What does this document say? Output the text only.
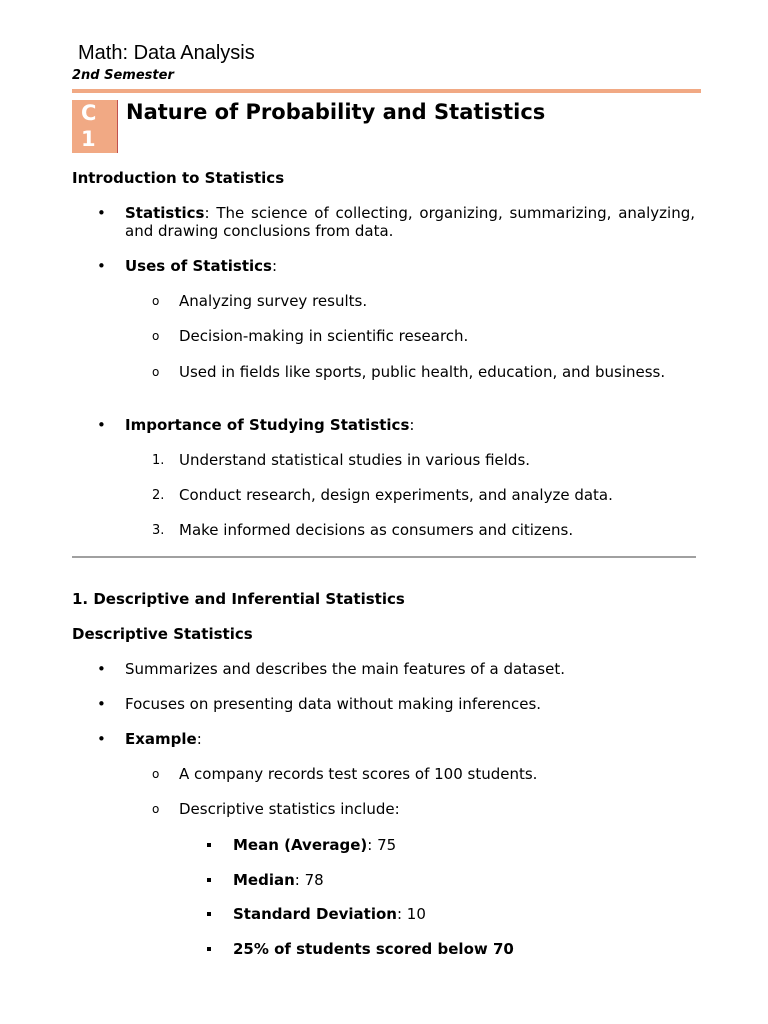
Math: Data Analysis
2nd Semester
C
1
Nature of Probability and Statistics
Introduction to Statistics
• Statistics: The science of collecting, organizing, summarizing, analyzing, and drawing conclusions from data.
• Uses of Statistics:
o Analyzing survey results.
o Decision-making in scientific research.
o Used in fields like sports, public health, education, and business.
• Importance of Studying Statistics:
1. Understand statistical studies in various fields.
2. Conduct research, design experiments, and analyze data.
3. Make informed decisions as consumers and citizens.
1. Descriptive and Inferential Statistics
Descriptive Statistics
• Summarizes and describes the main features of a dataset.
• Focuses on presenting data without making inferences.
• Example:
o A company records test scores of 100 students.
o Descriptive statistics include:
Mean (Average): 75
Median: 78
Standard Deviation: 10
25% of students scored below 70
